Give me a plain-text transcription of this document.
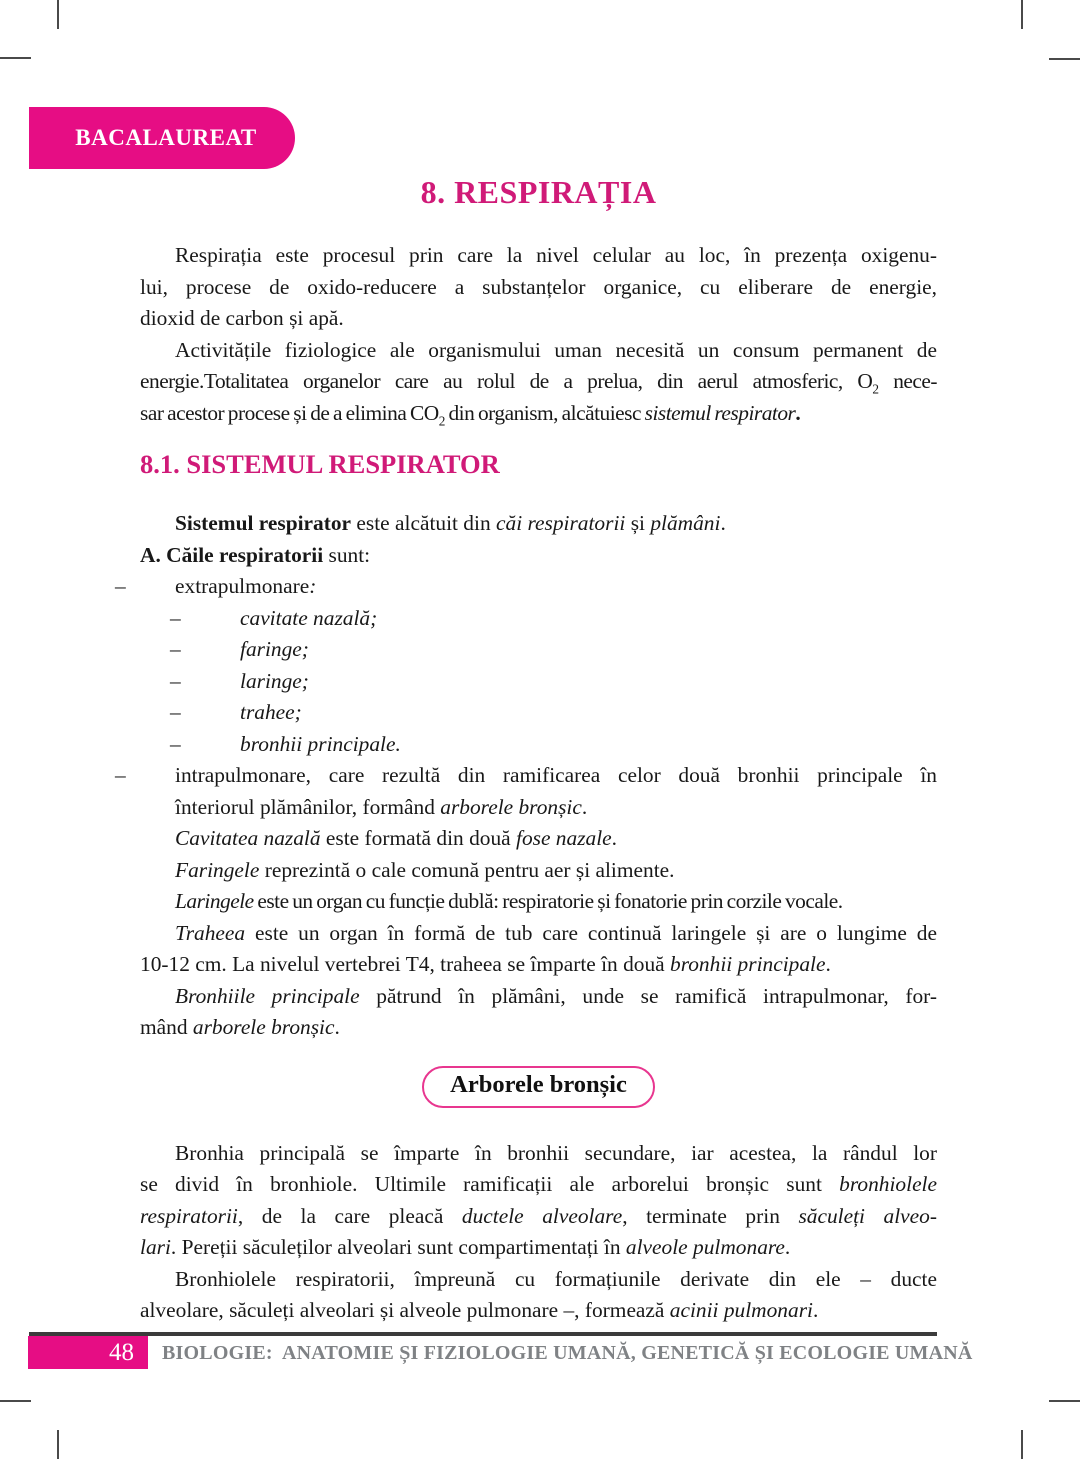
BACALAUREAT
8. RESPIRAȚIA
Respirația este procesul prin care la nivel celular au loc, în prezența oxigenu-
lui, procese de oxido-reducere a substanțelor organice, cu eliberare de energie,
dioxid de carbon și apă.
Activitățile fiziologice ale organismului uman necesită un consum permanent de
energie.Totalitatea organelor care au rolul de a prelua, din aerul atmosferic, $O_2$ nece-
sar acestor procese și de a elimina $CO_2$ din organism, alcătuiesc sistemul respirator.
8.1. SISTEMUL RESPIRATOR
Sistemul respirator este alcătuit din căi respiratorii și plămâni.
A. Căile respiratorii sunt:
– extrapulmonare:
–	cavitate nazală;
–	faringe;
–	laringe;
–	trahee;
–	bronhii principale.
– intrapulmonare, care rezultă din ramificarea celor două bronhii principale în
înteriorul plămânilor, formând arborele bronșic.
Cavitatea nazală este formată din două fose nazale.
Faringele reprezintă o cale comună pentru aer și alimente.
Laringele este un organ cu funcție dublă: respiratorie și fonatorie prin corzile vocale.
Traheea este un organ în formă de tub care continuă laringele și are o lungime de
10-12 cm. La nivelul vertebrei T4, traheea se împarte în două bronhii principale.
Bronhiile principale pătrund în plămâni, unde se ramifică intrapulmonar, for-
mând arborele bronșic.
Arborele bronșic
Bronhia principală se împarte în bronhii secundare, iar acestea, la rândul lor
se divid în bronhiole. Ultimile ramificații ale arborelui bronșic sunt bronhiolele
respiratorii, de la care pleacă ductele alveolare, terminate prin săculeți alveo-
lari. Pereții săculeților alveolari sunt compartimentați în alveole pulmonare.
Bronhiolele respiratorii, împreună cu formațiunile derivate din ele – ducte
alveolare, săculeți alveolari și alveole pulmonare –, formează acinii pulmonari.
48 BIOLOGIE:  ANATOMIE ȘI FIZIOLOGIE UMANĂ, GENETICĂ ȘI ECOLOGIE UMANĂ
